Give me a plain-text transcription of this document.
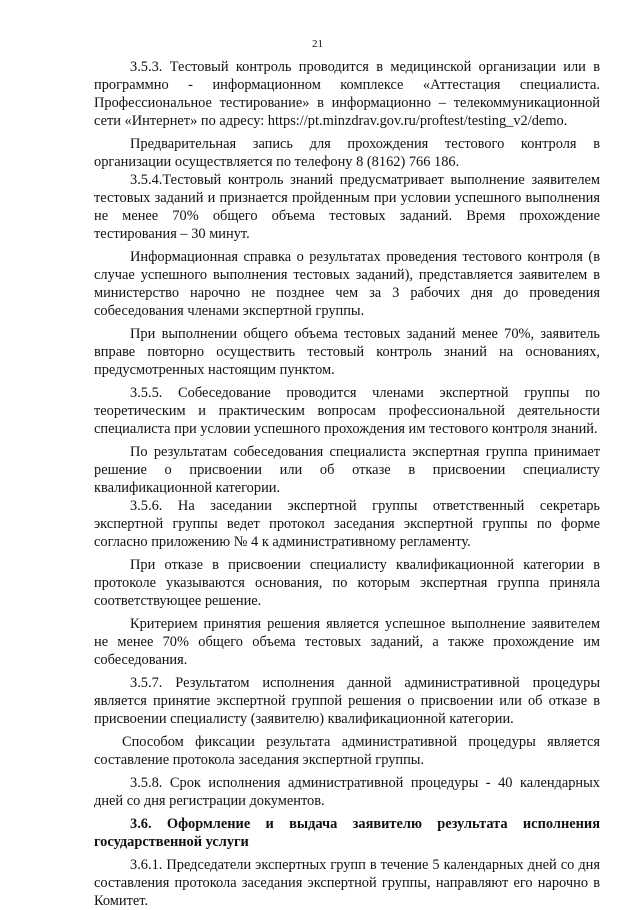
21

3.5.3. Тестовый контроль проводится в медицинской организации или в программно - информационном комплексе «Аттестация специалиста. Профессиональное тестирование» в информационно – телекоммуникационной сети «Интернет» по адресу: https://pt.minzdrav.gov.ru/proftest/testing_v2/demo.

Предварительная запись для прохождения тестового контроля в организации осуществляется по телефону 8 (8162) 766 186.

3.5.4.Тестовый контроль знаний предусматривает выполнение заявителем тестовых заданий и признается пройденным при условии успешного выполнения не менее 70% общего объема тестовых заданий. Время прохождение тестирования – 30 минут.

Информационная справка о результатах проведения тестового контроля (в случае успешного выполнения тестовых заданий), представляется заявителем в министерство нарочно не позднее чем за 3 рабочих дня до проведения собеседования членами экспертной группы.

При выполнении общего объема тестовых заданий менее 70%, заявитель вправе повторно осуществить тестовый контроль знаний на основаниях, предусмотренных настоящим пунктом.

3.5.5. Собеседование проводится членами экспертной группы по теоретическим и практическим вопросам профессиональной деятельности специалиста при условии успешного прохождения им тестового контроля знаний.

По результатам собеседования специалиста экспертная группа принимает решение о присвоении или об отказе в присвоении специалисту квалификационной категории.

3.5.6. На заседании экспертной группы ответственный секретарь экспертной группы ведет протокол заседания экспертной группы по форме согласно приложению № 4 к административному регламенту.

При отказе в присвоении специалисту квалификационной категории в протоколе указываются основания, по которым экспертная группа приняла соответствующее решение.

Критерием принятия решения является успешное выполнение заявителем не менее 70% общего объема тестовых заданий, а также прохождение им собеседования.

3.5.7. Результатом исполнения данной административной процедуры является принятие экспертной группой решения о присвоении или об отказе в присвоении специалисту (заявителю) квалификационной категории.

Способом фиксации результата административной процедуры является составление протокола заседания экспертной группы.

3.5.8. Срок исполнения административной процедуры - 40 календарных дней со дня регистрации документов.

3.6. Оформление и выдача заявителю результата исполнения государственной услуги

3.6.1. Председатели экспертных групп в течение 5 календарных дней со дня составления протокола заседания экспертной группы, направляют его нарочно в Комитет.
